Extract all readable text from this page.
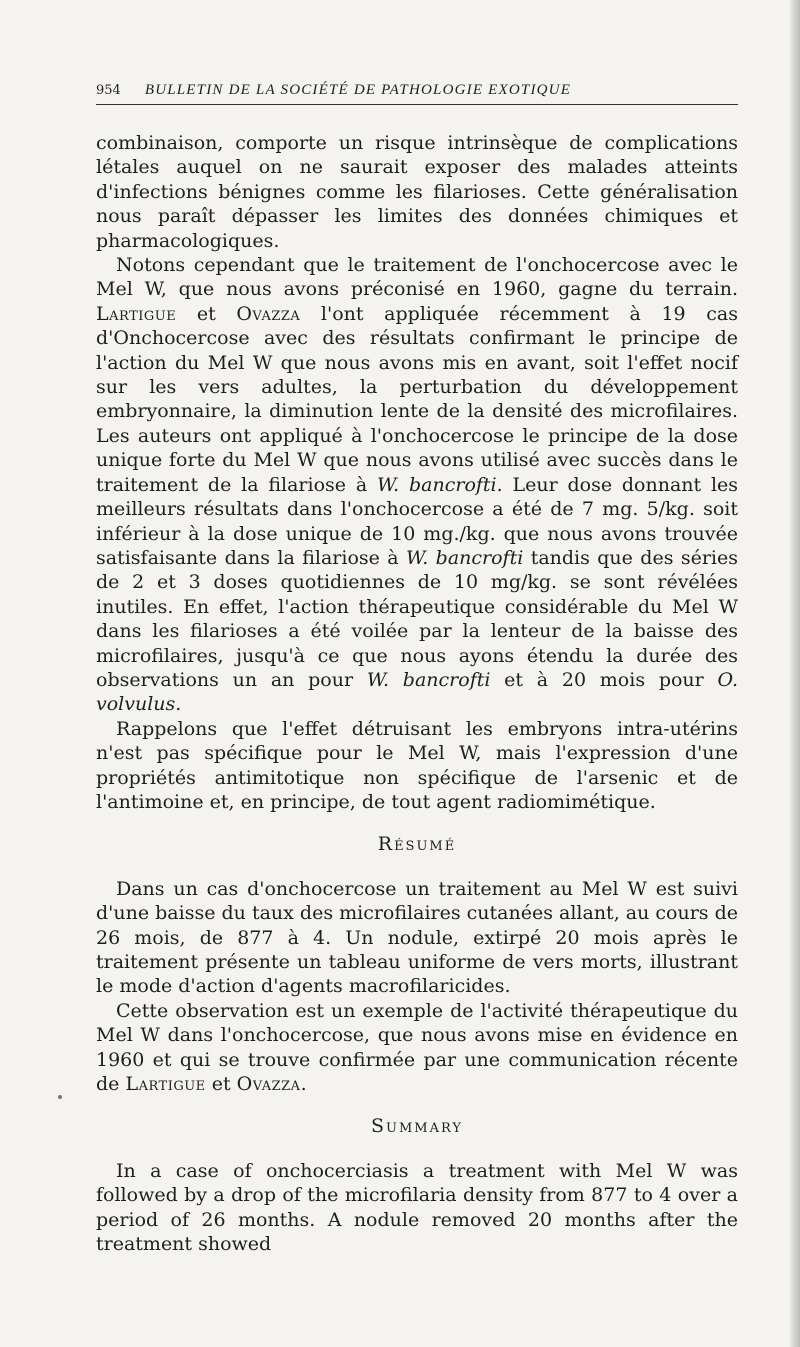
954 BULLETIN DE LA SOCIÉTÉ DE PATHOLOGIE EXOTIQUE

combinaison, comporte un risque intrinsèque de complications létales auquel on ne saurait exposer des malades atteints d'infections bénignes comme les filarioses. Cette généralisation nous paraît dépasser les limites des données chimiques et pharmacologiques.

Notons cependant que le traitement de l'onchocercose avec le Mel W, que nous avons préconisé en 1960, gagne du terrain. Lartigue et Ovazza l'ont appliquée récemment à 19 cas d'Onchocercose avec des résultats confirmant le principe de l'action du Mel W que nous avons mis en avant, soit l'effet nocif sur les vers adultes, la perturbation du développement embryonnaire, la diminution lente de la densité des microfilaires. Les auteurs ont appliqué à l'onchocercose le principe de la dose unique forte du Mel W que nous avons utilisé avec succès dans le traitement de la filariose à W. bancrofti. Leur dose donnant les meilleurs résultats dans l'onchocercose a été de 7 mg. 5/kg. soit inférieur à la dose unique de 10 mg./kg. que nous avons trouvée satisfaisante dans la filariose à W. bancrofti tandis que des séries de 2 et 3 doses quotidiennes de 10 mg/kg. se sont révélées inutiles. En effet, l'action thérapeutique considérable du Mel W dans les filarioses a été voilée par la lenteur de la baisse des microfilaires, jusqu'à ce que nous ayons étendu la durée des observations un an pour W. bancrofti et à 20 mois pour O. volvulus.

Rappelons que l'effet détruisant les embryons intra-utérins n'est pas spécifique pour le Mel W, mais l'expression d'une propriétés antimitotique non spécifique de l'arsenic et de l'antimoine et, en principe, de tout agent radiomimétique.

Résumé

Dans un cas d'onchocercose un traitement au Mel W est suivi d'une baisse du taux des microfilaires cutanées allant, au cours de 26 mois, de 877 à 4. Un nodule, extirpé 20 mois après le traitement présente un tableau uniforme de vers morts, illustrant le mode d'action d'agents macrofilaricides.

Cette observation est un exemple de l'activité thérapeutique du Mel W dans l'onchocercose, que nous avons mise en évidence en 1960 et qui se trouve confirmée par une communication récente de Lartigue et Ovazza.

Summary

In a case of onchocerciasis a treatment with Mel W was followed by a drop of the microfilaria density from 877 to 4 over a period of 26 months. A nodule removed 20 months after the treatment showed
